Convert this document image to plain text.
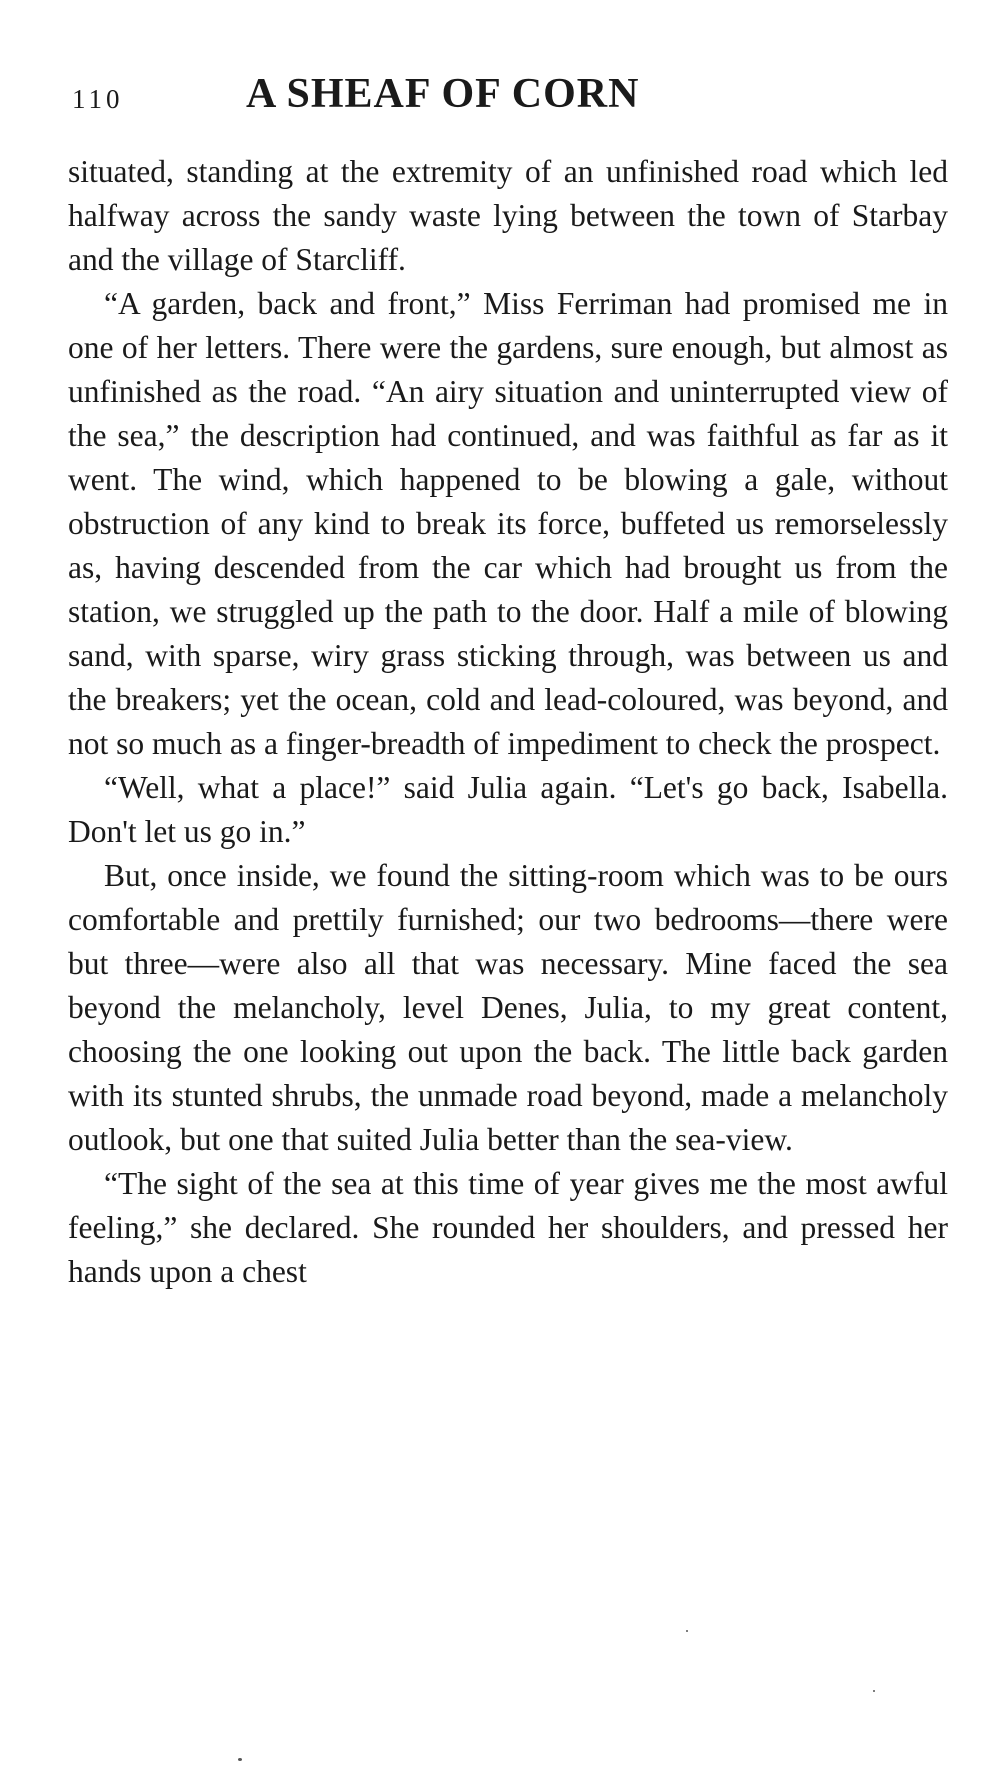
110	A SHEAF OF CORN

situated, standing at the extremity of an unfinished road which led halfway across the sandy waste lying between the town of Starbay and the village of Starcliff.

“A garden, back and front,” Miss Ferriman had promised me in one of her letters. There were the gardens, sure enough, but almost as unfinished as the road. “An airy situation and uninterrupted view of the sea,” the description had continued, and was faithful as far as it went. The wind, which happened to be blowing a gale, without obstruction of any kind to break its force, buffeted us remorselessly as, having descended from the car which had brought us from the station, we struggled up the path to the door. Half a mile of blowing sand, with sparse, wiry grass sticking through, was between us and the breakers; yet the ocean, cold and lead-coloured, was beyond, and not so much as a finger-breadth of impediment to check the prospect.

“Well, what a place!” said Julia again. “Let's go back, Isabella. Don't let us go in.”

But, once inside, we found the sitting-room which was to be ours comfortable and prettily furnished; our two bedrooms—there were but three—were also all that was necessary. Mine faced the sea beyond the melancholy, level Denes, Julia, to my great content, choosing the one looking out upon the back. The little back garden with its stunted shrubs, the unmade road beyond, made a melancholy outlook, but one that suited Julia better than the sea-view.

“The sight of the sea at this time of year gives me the most awful feeling,” she declared. She rounded her shoulders, and pressed her hands upon a chest
